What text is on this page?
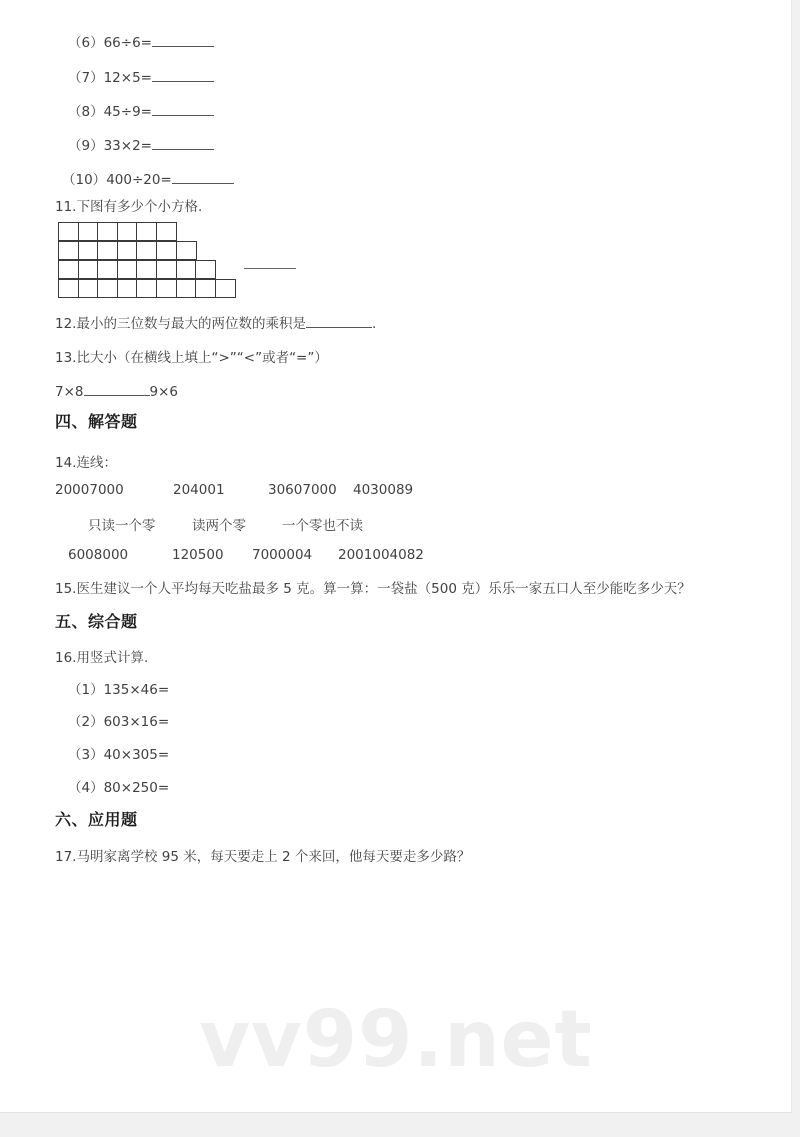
vv99.net
（6）66÷6=
（7）12×5=
（8）45÷9=
（9）33×2=
（10）400÷20=
11.下图有多少个小方格.
12.最小的三位数与最大的两位数的乘积是	.
13.比大小（在横线上填上“>”“<”或者“=”）
7×8	9×6
四、解答题
14.连线：
20007000	204001	30607000 4030089
只读一个零	读两个零	一个零也不读
6008000	120500 7000004 2001004082
15.医生建议一个人平均每天吃盐最多 5 克。算一算：一袋盐（500 克）乐乐一家五口人至少能吃多少天？
五、综合题
16.用竖式计算.
（1）135×46=
（2）603×16=
（3）40×305=
（4）80×250=
六、应用题
17.马明家离学校 95 米，每天要走上 2 个来回，他每天要走多少路？
